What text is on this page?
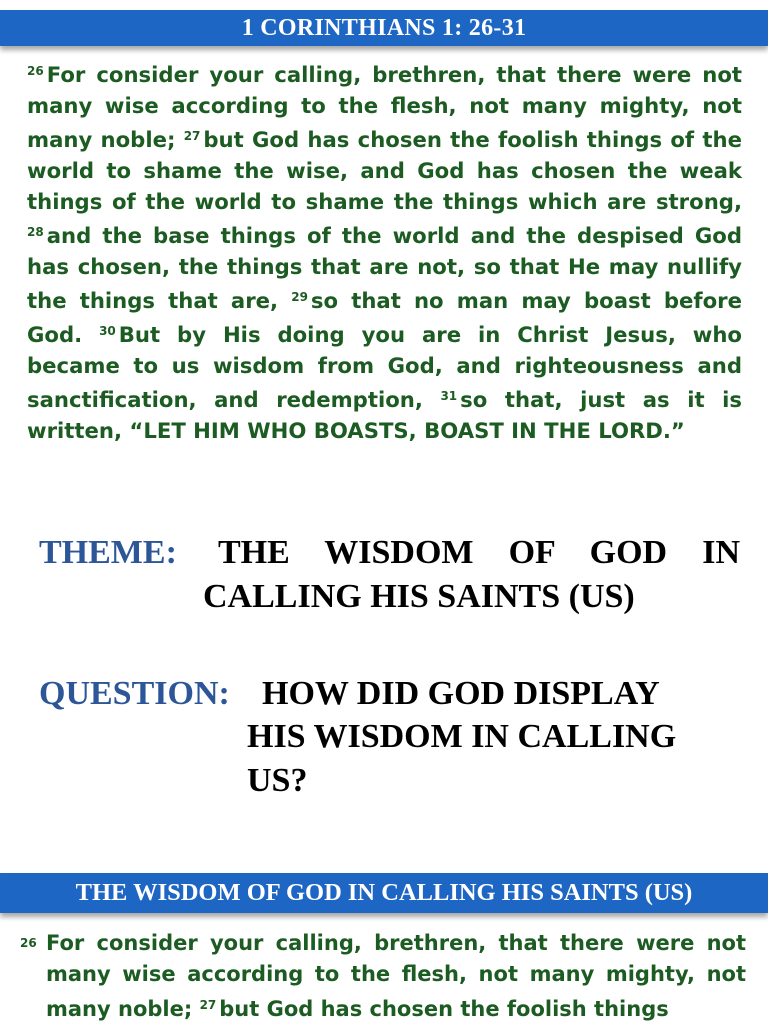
1 CORINTHIANS 1: 26-31
$^{26}$ For consider your calling, brethren, that there were not many wise according to the flesh, not many mighty, not many noble; $^{27}$ but God has chosen the foolish things of the world to shame the wise, and God has chosen the weak things of the world to shame the things which are strong, $^{28}$ and the base things of the world and the despised God has chosen, the things that are not, so that He may nullify the things that are, $^{29}$ so that no man may boast before God. $^{30}$ But by His doing you are in Christ Jesus, who became to us wisdom from God, and righteousness and sanctification, and redemption, $^{31}$ so that, just as it is written, “LET HIM WHO BOASTS, BOAST IN THE LORD.”
THEME: THE WISDOM OF GOD IN
CALLING HIS SAINTS (US)
QUESTION: HOW DID GOD DISPLAY
HIS WISDOM IN CALLING
US?
THE WISDOM OF GOD IN CALLING HIS SAINTS (US)
26 For consider your calling, brethren, that there were not many wise according to the flesh, not many mighty, not many noble; $^{27}$ but God has chosen the foolish things
